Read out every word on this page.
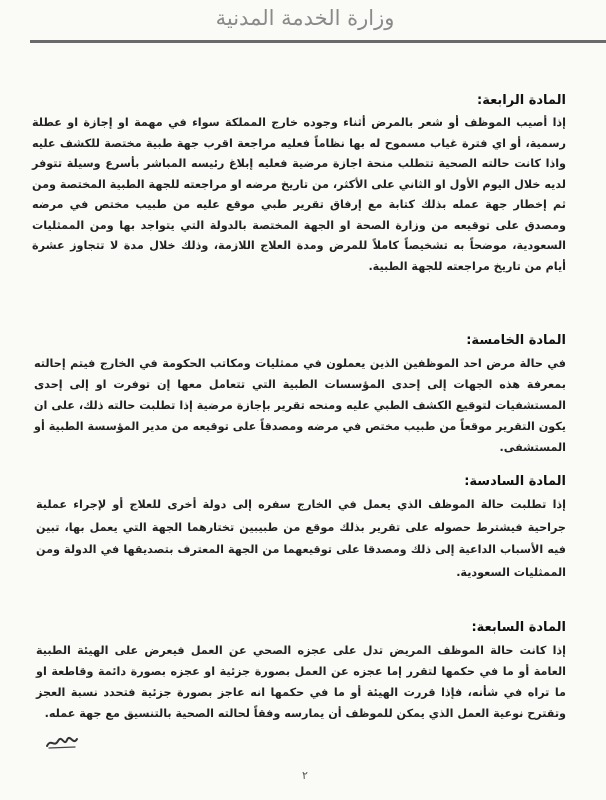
وزارة الخدمة المدنية
المادة الرابعة:

إذا أصيب الموظف أو شعر بالمرض أثناء وجوده خارج المملكة سواء في مهمة او إجازة او عطلة رسمية، أو اي فترة غياب مسموح له بها نظاماً فعليه مراجعة اقرب جهة طبية مختصة للكشف عليه واذا كانت حالته الصحية تتطلب منحة اجازة مرضية فعليه إبلاغ رئيسه المباشر بأسرع وسيلة تتوفر لديه خلال اليوم الأول او الثاني على الأكثر، من تاريخ مرضه او مراجعته للجهة الطبية المختصة ومن ثم إخطار جهة عمله بذلك كتابة مع إرفاق تقرير طبي موقع عليه من طبيب مختص في مرضه ومصدق على توقيعه من وزارة الصحة او الجهة المختصة بالدولة التي يتواجد بها ومن الممثليات السعودية، موضحاً به تشخيصاً كاملاً للمرض ومدة العلاج اللازمة، وذلك خلال مدة لا تتجاوز عشرة أيام من تاريخ مراجعته للجهة الطبية.

المادة الخامسة:

في حالة مرض احد الموظفين الذين يعملون في ممثليات ومكاتب الحكومة في الخارج فيتم إحالته بمعرفة هذه الجهات إلى إحدى المؤسسات الطبية التي تتعامل معها إن توفرت او إلى إحدى المستشفيات لتوقيع الكشف الطبي عليه ومنحه تقرير بإجازة مرضية إذا تطلبت حالته ذلك، على ان يكون التقرير موقعاً من طبيب مختص في مرضه ومصدقاً على توقيعه من مدير المؤسسة الطبية أو المستشفى.

المادة السادسة:

إذا تطلبت حالة الموظف الذي يعمل في الخارج سفره إلى دولة أخرى للعلاج أو لإجراء عملية جراحية فيشترط حصوله على تقرير بذلك موقع من طبيبين تختارهما الجهة التي يعمل بها، تبين فيه الأسباب الداعية إلى ذلك ومصدقا على توقيعهما من الجهة المعترف بتصديقها في الدولة ومن الممثليات السعودية.

المادة السابعة:

إذا كانت حالة الموظف المريض تدل على عجزه الصحي عن العمل فيعرض على الهيئة الطبية العامة أو ما في حكمها لتقرر إما عجزه عن العمل بصورة جزئية او عجزه بصورة دائمة وقاطعة او ما تراه في شأنه، فإذا قررت الهيئة أو ما في حكمها انه عاجز بصورة جزئية فتحدد نسبة العجز وتقترح نوعية العمل الذي يمكن للموظف أن يمارسه وفقاً لحالته الصحية بالتنسيق مع جهة عمله.

٢
